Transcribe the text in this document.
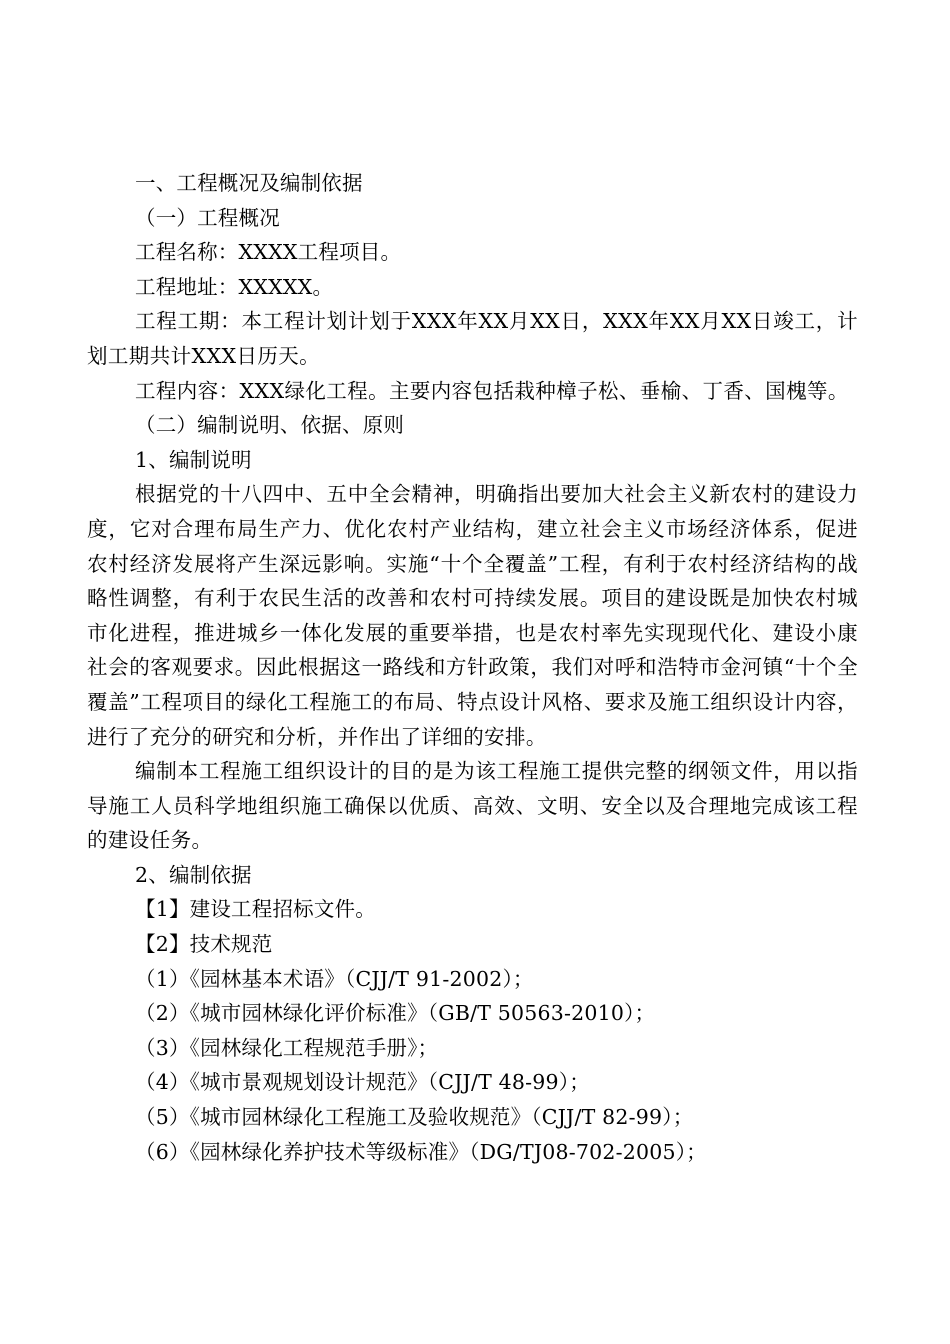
一、工程概况及编制依据
（一）工程概况
工程名称：XXXX工程项目。
工程地址：XXXXX。
工程工期：本工程计划计划于XXX年XX月XX日，XXX年XX月XX日竣工，计划工期共计XXX日历天。
工程内容：XXX绿化工程。主要内容包括栽种樟子松、垂榆、丁香、国槐等。
（二）编制说明、依据、原则
1、编制说明
根据党的十八四中、五中全会精神，明确指出要加大社会主义新农村的建设力度，它对合理布局生产力、优化农村产业结构，建立社会主义市场经济体系，促进农村经济发展将产生深远影响。实施“十个全覆盖”工程，有利于农村经济结构的战略性调整，有利于农民生活的改善和农村可持续发展。项目的建设既是加快农村城市化进程，推进城乡一体化发展的重要举措，也是农村率先实现现代化、建设小康社会的客观要求。因此根据这一路线和方针政策，我们对呼和浩特市金河镇“十个全覆盖”工程项目的绿化工程施工的布局、特点设计风格、要求及施工组织设计内容，进行了充分的研究和分析，并作出了详细的安排。
编制本工程施工组织设计的目的是为该工程施工提供完整的纲领文件，用以指导施工人员科学地组织施工确保以优质、高效、文明、安全以及合理地完成该工程的建设任务。
2、编制依据
【1】建设工程招标文件。
【2】技术规范
（1）《园林基本术语》（CJJ/T 91-2002）；
（2）《城市园林绿化评价标准》（GB/T 50563-2010）；
（3）《园林绿化工程规范手册》；
（4）《城市景观规划设计规范》（CJJ/T 48-99）；
（5）《城市园林绿化工程施工及验收规范》（CJJ/T 82-99）；
（6）《园林绿化养护技术等级标准》（DG/TJ08-702-2005）；
